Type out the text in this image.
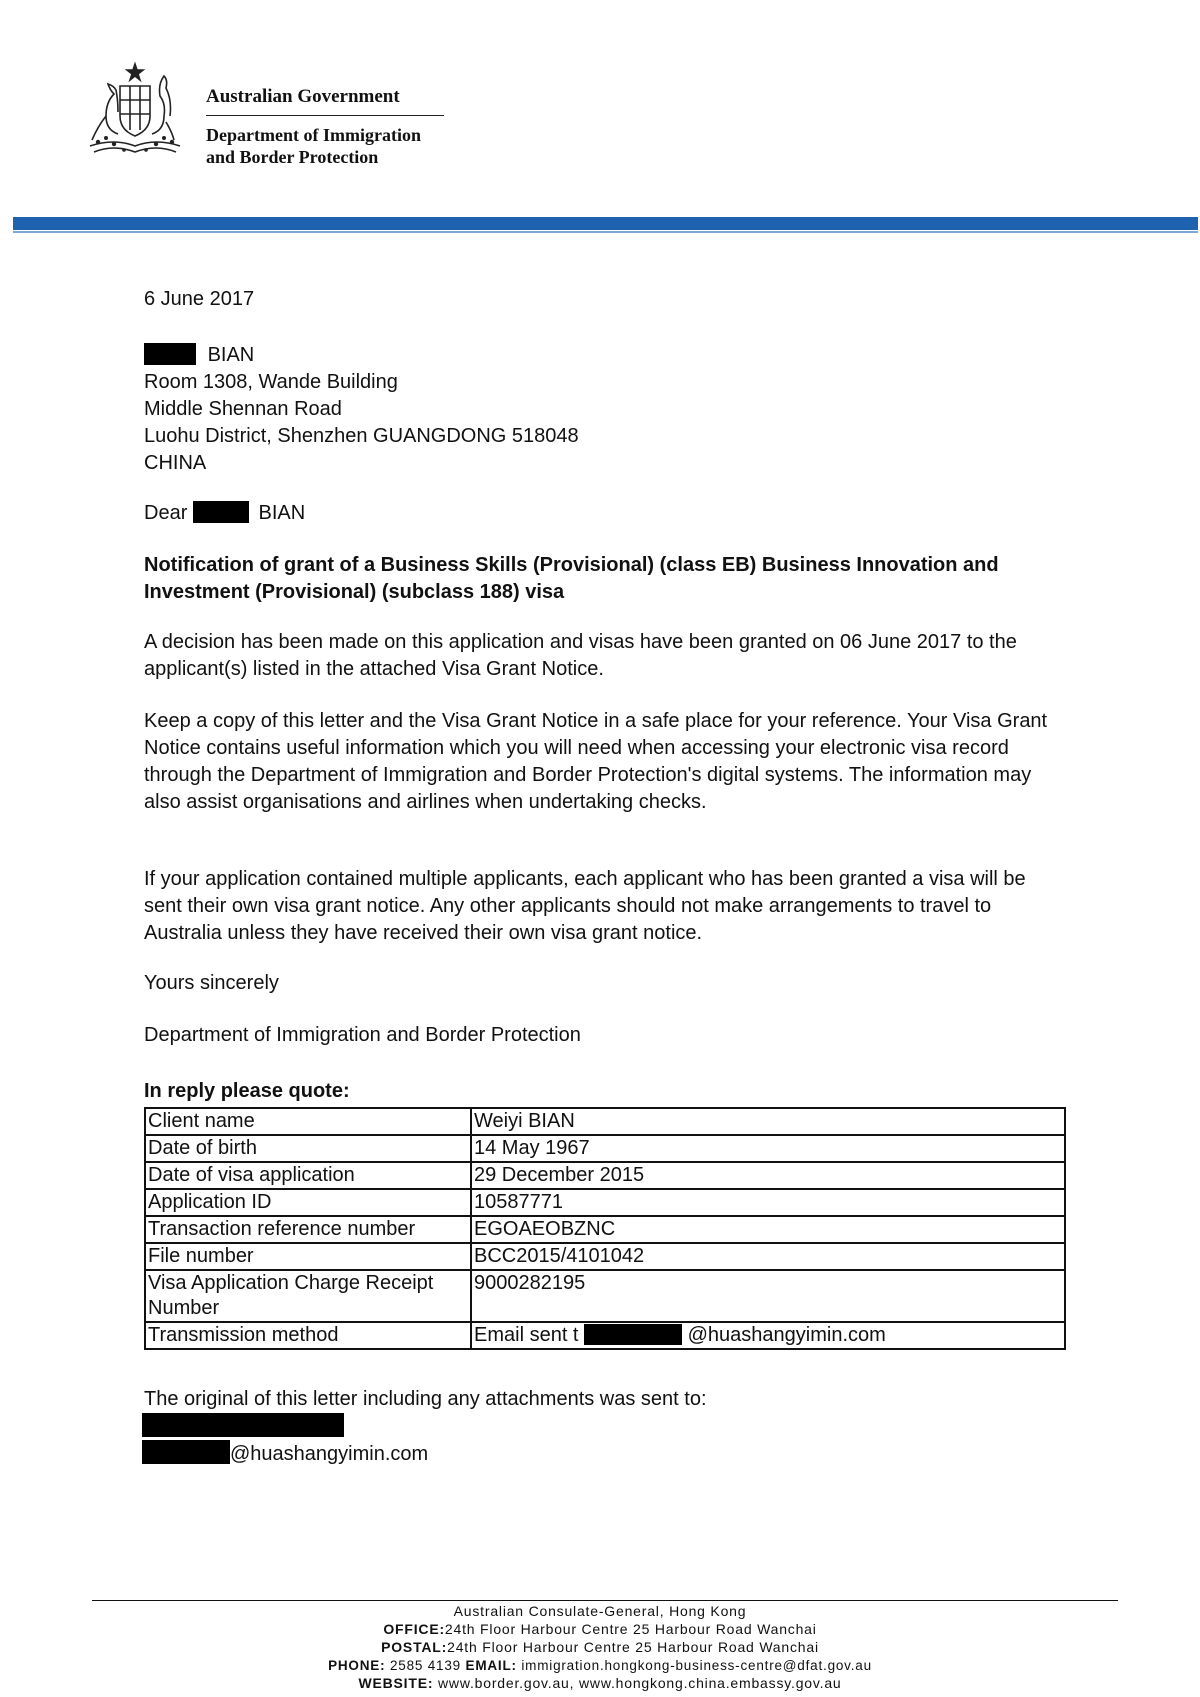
Australian Government
Department of Immigration
and Border Protection
6 June 2017
BIAN
Room 1308, Wande Building
Middle Shennan Road
Luohu District, Shenzhen GUANGDONG 518048
CHINA
Dear	BIAN
Notification of grant of a Business Skills (Provisional) (class EB) Business Innovation and Investment (Provisional) (subclass 188) visa
A decision has been made on this application and visas have been granted on 06 June 2017 to the applicant(s) listed in the attached Visa Grant Notice.
Keep a copy of this letter and the Visa Grant Notice in a safe place for your reference. Your Visa Grant Notice contains useful information which you will need when accessing your electronic visa record through the Department of Immigration and Border Protection's digital systems. The information may also assist organisations and airlines when undertaking checks.
If your application contained multiple applicants, each applicant who has been granted a visa will be sent their own visa grant notice. Any other applicants should not make arrangements to travel to Australia unless they have received their own visa grant notice.
Yours sincerely
Department of Immigration and Border Protection
In reply please quote:
Client name	Weiyi BIAN
Date of birth	14 May 1967
Date of visa application	29 December 2015
Application ID	10587771
Transaction reference number	EGOAEOBZNC
File number	BCC2015/4101042
Visa Application Charge Receipt Number	9000282195
Transmission method	Email sent t @huashangyimin.com
The original of this letter including any attachments was sent to:
@huashangyimin.com
Australian Consulate-General, Hong Kong
OFFICE:24th Floor Harbour Centre 25 Harbour Road Wanchai
POSTAL:24th Floor Harbour Centre 25 Harbour Road Wanchai
PHONE: 2585 4139 EMAIL: immigration.hongkong-business-centre@dfat.gov.au
WEBSITE: www.border.gov.au, www.hongkong.china.embassy.gov.au
